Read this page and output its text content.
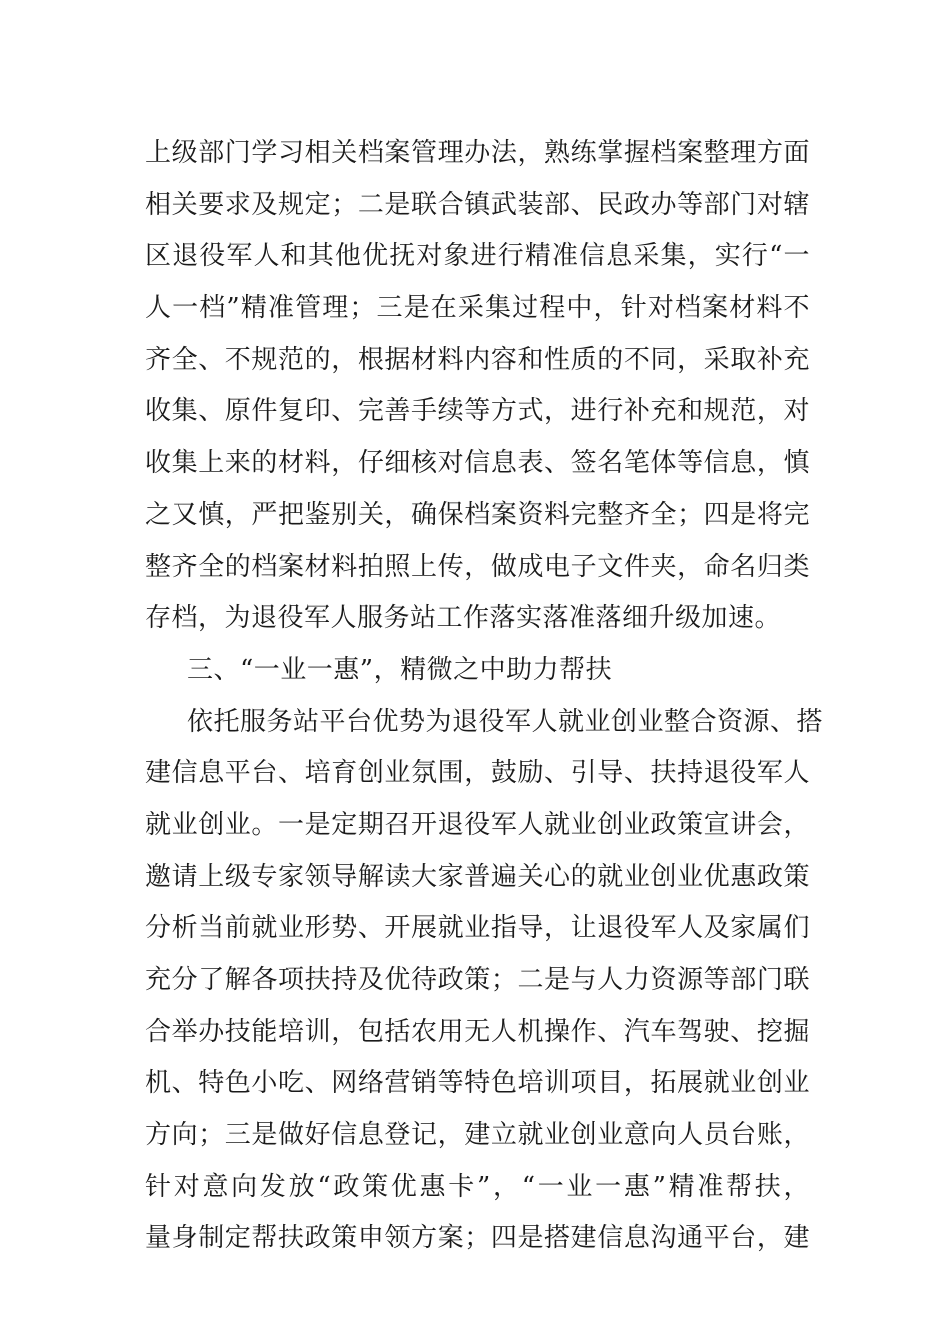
上级部门学习相关档案管理办法，熟练掌握档案整理方面
相关要求及规定；二是联合镇武装部、民政办等部门对辖
区退役军人和其他优抚对象进行精准信息采集，实行“一
人一档”精准管理；三是在采集过程中，针对档案材料不
齐全、不规范的，根据材料内容和性质的不同，采取补充
收集、原件复印、完善手续等方式，进行补充和规范，对
收集上来的材料，仔细核对信息表、签名笔体等信息，慎
之又慎，严把鉴别关，确保档案资料完整齐全；四是将完
整齐全的档案材料拍照上传，做成电子文件夹，命名归类
存档，为退役军人服务站工作落实落准落细升级加速。
三、“一业一惠”，精微之中助力帮扶
依托服务站平台优势为退役军人就业创业整合资源、搭
建信息平台、培育创业氛围，鼓励、引导、扶持退役军人
就业创业。一是定期召开退役军人就业创业政策宣讲会，
邀请上级专家领导解读大家普遍关心的就业创业优惠政策
分析当前就业形势、开展就业指导，让退役军人及家属们
充分了解各项扶持及优待政策；二是与人力资源等部门联
合举办技能培训，包括农用无人机操作、汽车驾驶、挖掘
机、特色小吃、网络营销等特色培训项目，拓展就业创业
方向；三是做好信息登记，建立就业创业意向人员台账，
针对意向发放“政策优惠卡”，“一业一惠”精准帮扶，
量身制定帮扶政策申领方案；四是搭建信息沟通平台，建
